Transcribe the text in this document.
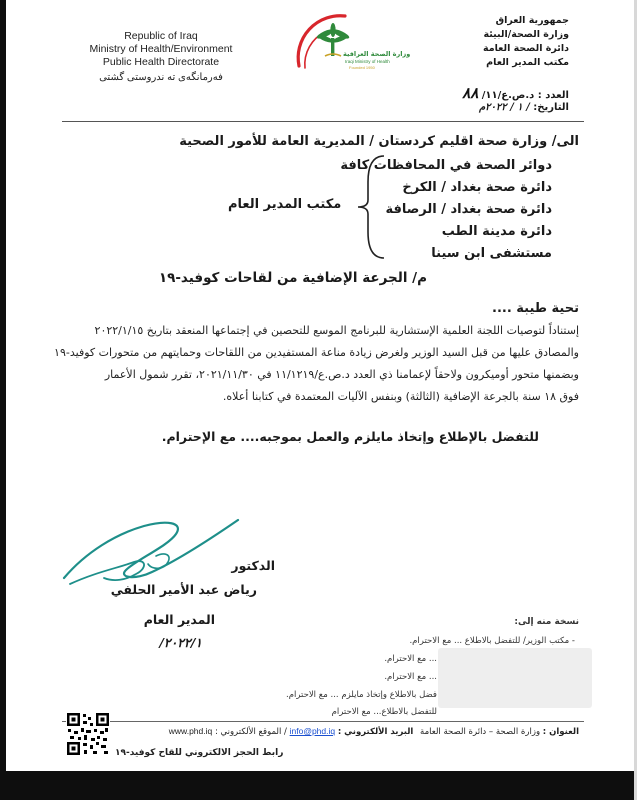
Republic of Iraq
Ministry of Health/Environment
Public Health Directorate
فەرمانگەی تە ندروستی گشتی
وزارة الصحة العراقية
Iraqi Ministry of Health
Founded 1950
جمهورية العراق
وزارة الصحة/البيئة
دائرة الصحة العامة
مكتب المدير العام
العدد : د.ص.ع/١١/ ٨٨
التاريخ: / ١ / ٢٠٢٢م
الى/ وزارة صحة اقليم كردستان / المديرية العامة للأمور الصحية
دوائر الصحة في المحافظات كافة
دائرة صحة بغداد / الكرخ
دائرة صحة بغداد / الرصافة
دائرة مدينة الطب
مستشفى ابن سينا
مكتب المدير العام
م/ الجرعة الإضافية من لقاحات كوفيد-١٩
تحية طيبة ....
إستناداً لتوصيات اللجنة العلمية الإستشارية للبرنامج الموسع للتحصين في إجتماعها المنعقد بتاريخ ٢٠٢٢/١/١٥
والمصادق عليها من قبل السيد الوزير ولغرض زيادة مناعة المستفيدين من اللقاحات وحمايتهم من متحورات كوفيد-١٩
وبضمنها متحور أوميكرون ولاحقاً لإعمامنا ذي العدد د.ص.ع/١١/١٢١٩ في ٢٠٢١/١١/٣٠، تقرر شمول الأعمار
فوق ١٨ سنة بالجرعة الإضافية (الثالثة) وبنفس الآليات المعتمدة في كتابنا أعلاه.
للتفضل بالإطلاع وإتخاذ مايلزم والعمل بموجبه.... مع الإحترام.
الدكتور
رياض عبد الأمير الحلفي
المدير العام
٢٠٢٢/١/
نسخة منه إلى:
- مكتب الوزير/ للتفضل بالاطلاع ... مع الاحترام.
... مع الاحترام.
... مع الاحترام.
فضل بالاطلاع وإتخاذ مايلزم ... مع الاحترام.
للتفضل بالاطلاع... مع الاحترام
العنوان : وزارة الصحة – دائرة الصحة العامة البريد الألكتروني : info@phd.iq / الموقع الألكتروني : www.phd.iq
رابط الحجز الالكتروني للقاح كوفيد-١٩
